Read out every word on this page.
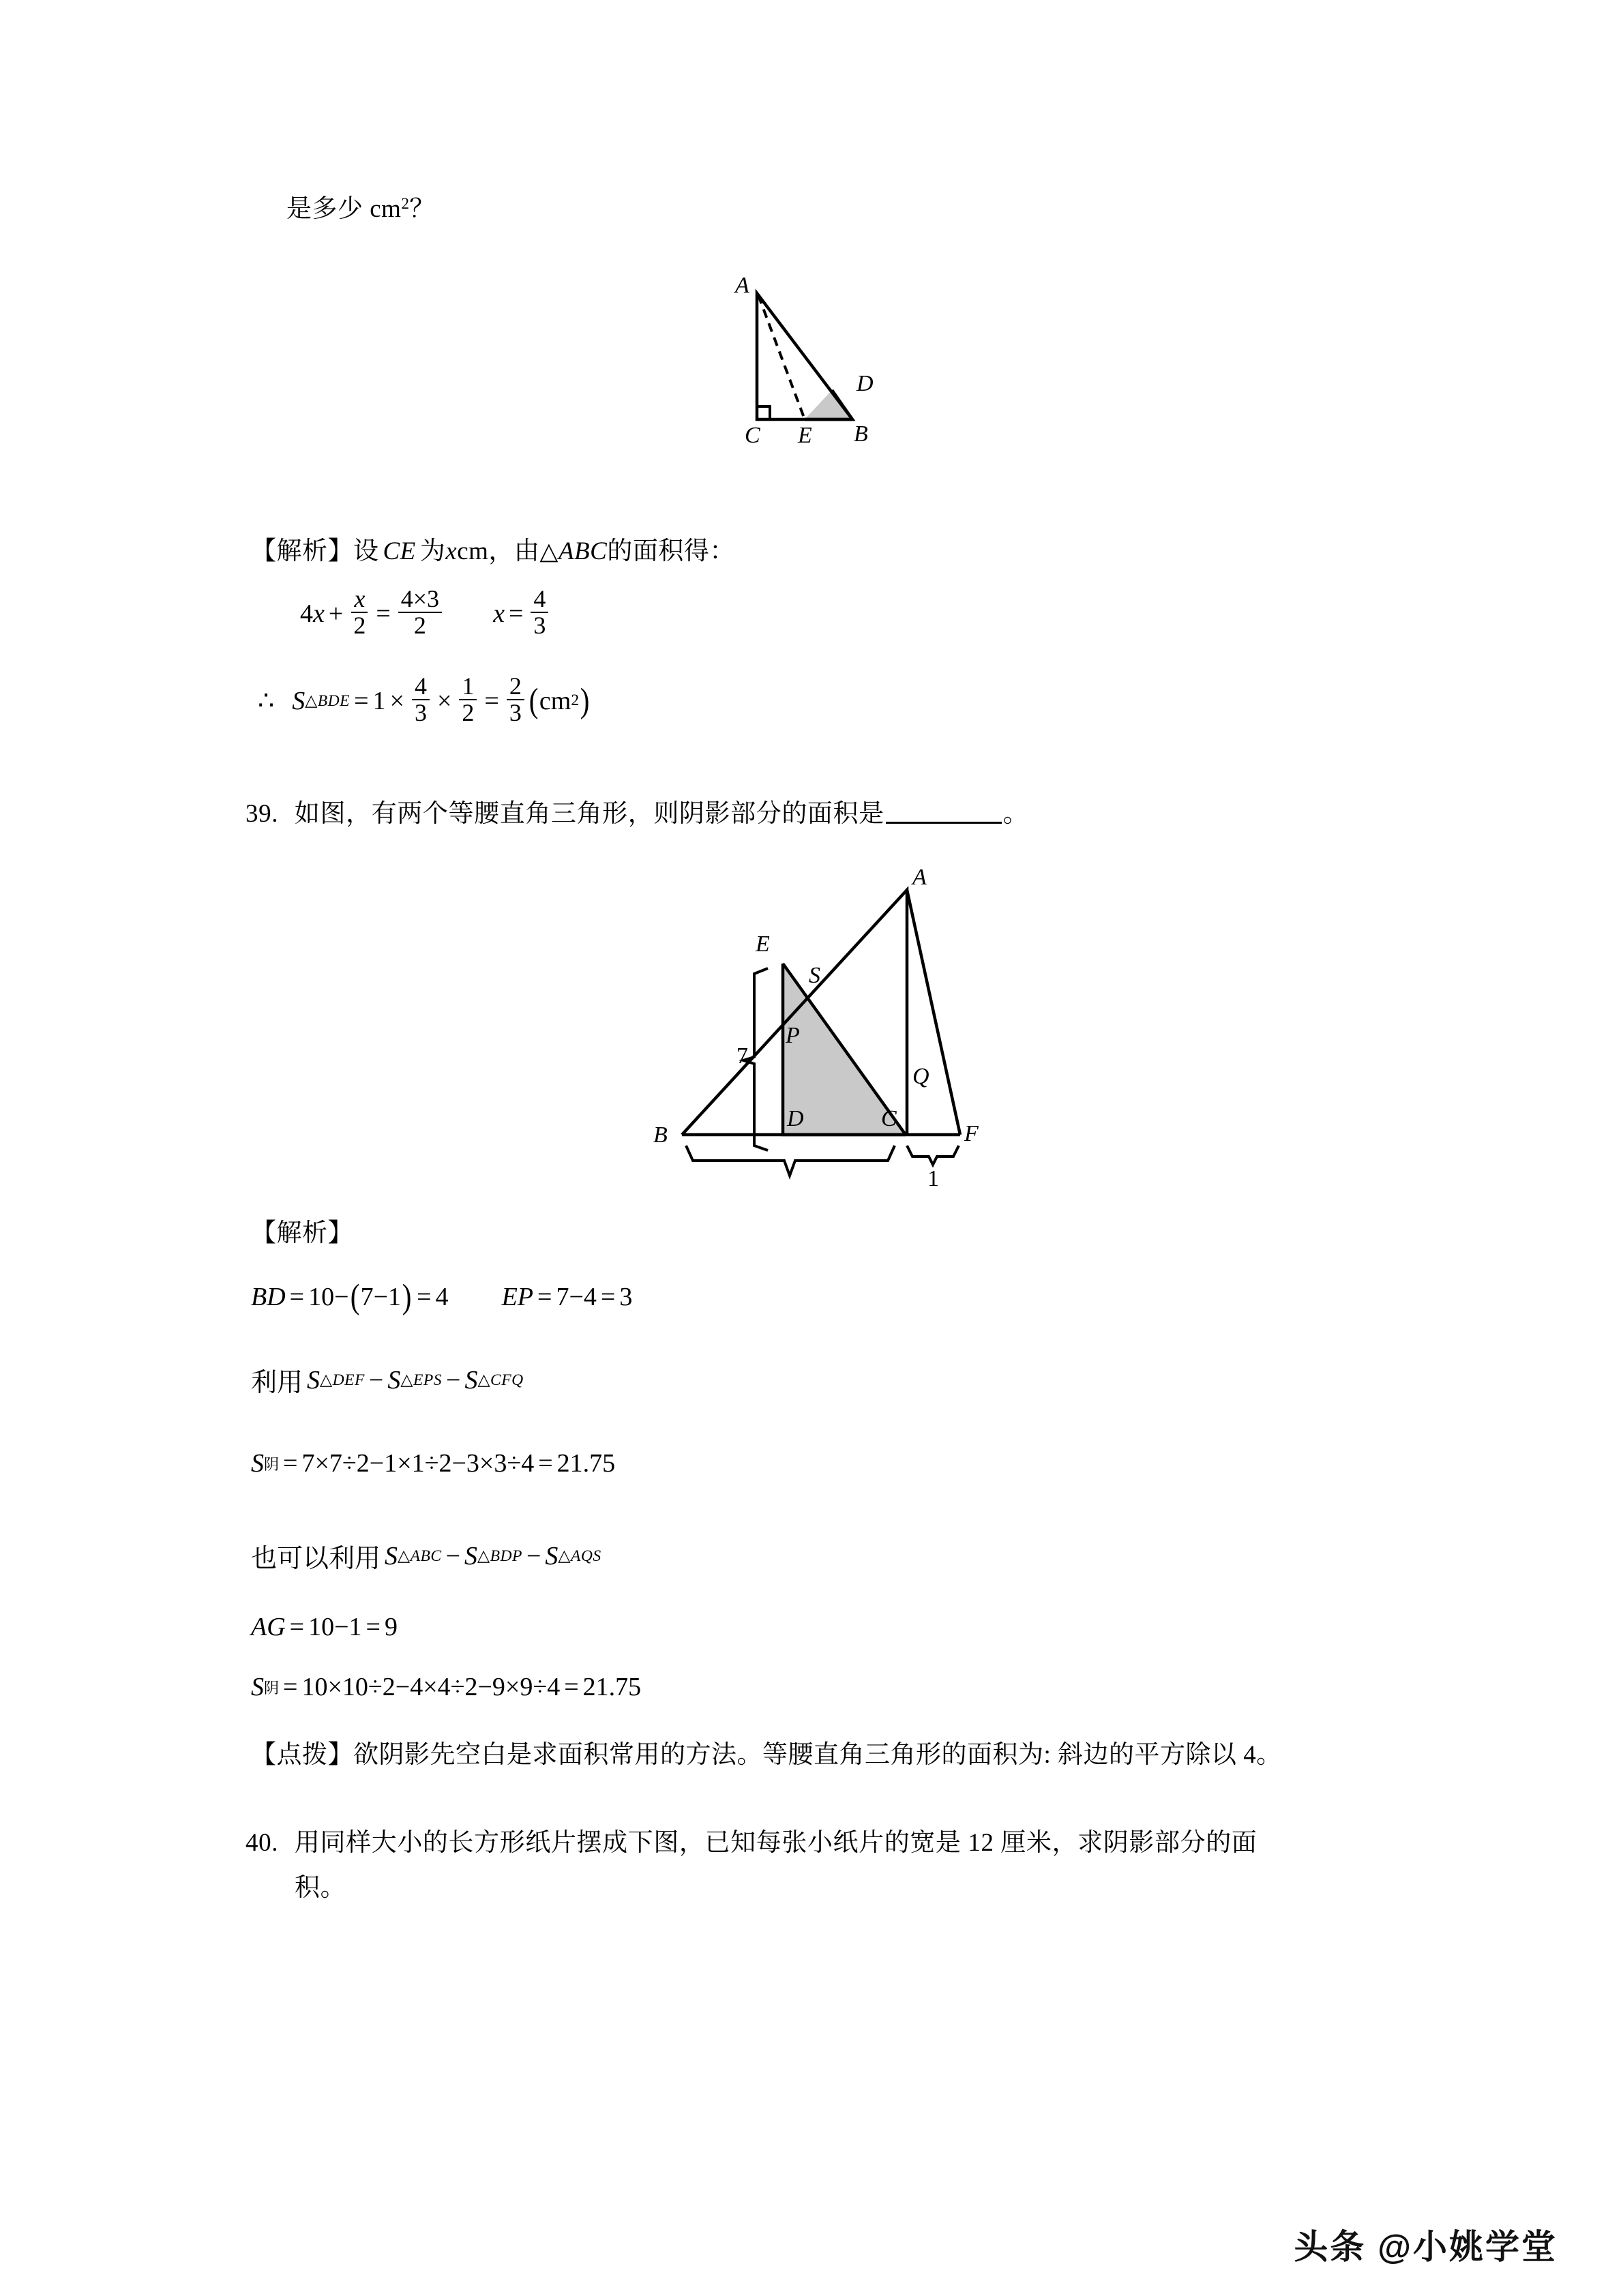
是多少 $cm^2$？
A
D
C E B
【解析】设 CE 为xcm，由△ABC的面积得：
4 $x + \frac{x}{2} = \frac{4\times 3}{2}$ $x = \frac{4}{3}$
∴ S △BDE = $1 \times \frac{4}{3} \times \frac{1}{2} = \frac{2}{3}$ ( cm 2 )
39. 如图，有两个等腰直角三角形，则阴影部分的面积是	。
A
E
S
P
7
Q
D	C
B	F
1
【解析】
BD = 10− ( 7−1 ) = 4 EP = 7−4 = 3
利用 S △DEF − S △EPS − S △CFQ
S 阴 = 7×7÷2−1×1÷2−3×3÷4 = 21.75
也可以利用 S △ABC − S △BDP − S △AQS
AG = 10−1 = 9
S 阴 = 10×10÷2−4×4÷2−9×9÷4 = 21.75
【点拨】欲阴影先空白是求面积常用的方法。等腰直角三角形的面积为: 斜边的平方除以 4。
40. 用同样大小的长方形纸片摆成下图，已知每张小纸片的宽是 12 厘米，求阴影部分的面
积。
头条 @小姚学堂
